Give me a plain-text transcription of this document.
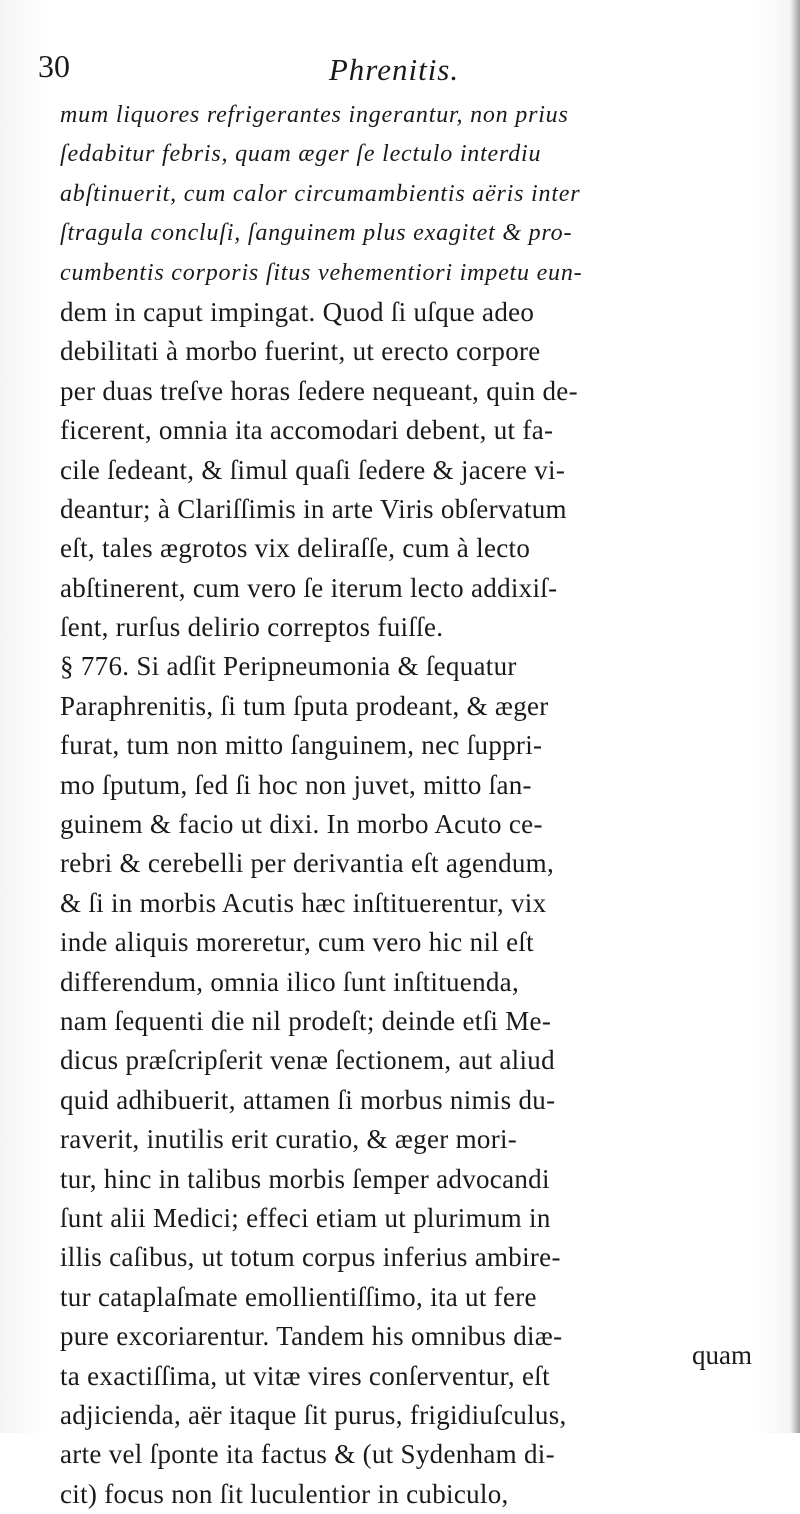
30	Phrenitis.
mum liquores refrigerantes ingerantur, non prius
ſedabitur febris, quam æger ſe lectulo interdiu
abſtinuerit, cum calor circumambientis aëris inter
ſtragula concluſi, ſanguinem plus exagitet & pro-
cumbentis corporis ſitus vehementiori impetu eun-
dem in caput impingat. Quod ſi uſque adeo
debilitati à morbo fuerint, ut erecto corpore
per duas treſve horas ſedere nequeant, quin de-
ficerent, omnia ita accomodari debent, ut fa-
cile ſedeant, & ſimul quaſi ſedere & jacere vi-
deantur; à Clariſſimis in arte Viris obſervatum
eſt, tales ægrotos vix deliraſſe, cum à lecto
abſtinerent, cum vero ſe iterum lecto addixiſ-
ſent, rurſus delirio correptos fuiſſe.
§ 776. Si adſit Peripneumonia & ſequatur
Paraphrenitis, ſi tum ſputa prodeant, & æger
furat, tum non mitto ſanguinem, nec ſuppri-
mo ſputum, ſed ſi hoc non juvet, mitto ſan-
guinem & facio ut dixi. In morbo Acuto ce-
rebri & cerebelli per derivantia eſt agendum,
& ſi in morbis Acutis hæc inſtituerentur, vix
inde aliquis moreretur, cum vero hic nil eſt
differendum, omnia ilico ſunt inſtituenda,
nam ſequenti die nil prodeſt; deinde etſi Me-
dicus præſcripſerit venæ ſectionem, aut aliud
quid adhibuerit, attamen ſi morbus nimis du-
raverit, inutilis erit curatio, & æger mori-
tur, hinc in talibus morbis ſemper advocandi
ſunt alii Medici; effeci etiam ut plurimum in
illis caſibus, ut totum corpus inferius ambire-
tur cataplaſmate emollientiſſimo, ita ut fere
pure excoriarentur. Tandem his omnibus diæ-
ta exactiſſima, ut vitæ vires conſerventur, eſt
adjicienda, aër itaque ſit purus, frigidiuſculus,
arte vel ſponte ita factus & (ut Sydenham di-
cit) focus non ſit luculentior in cubiculo,
quam
